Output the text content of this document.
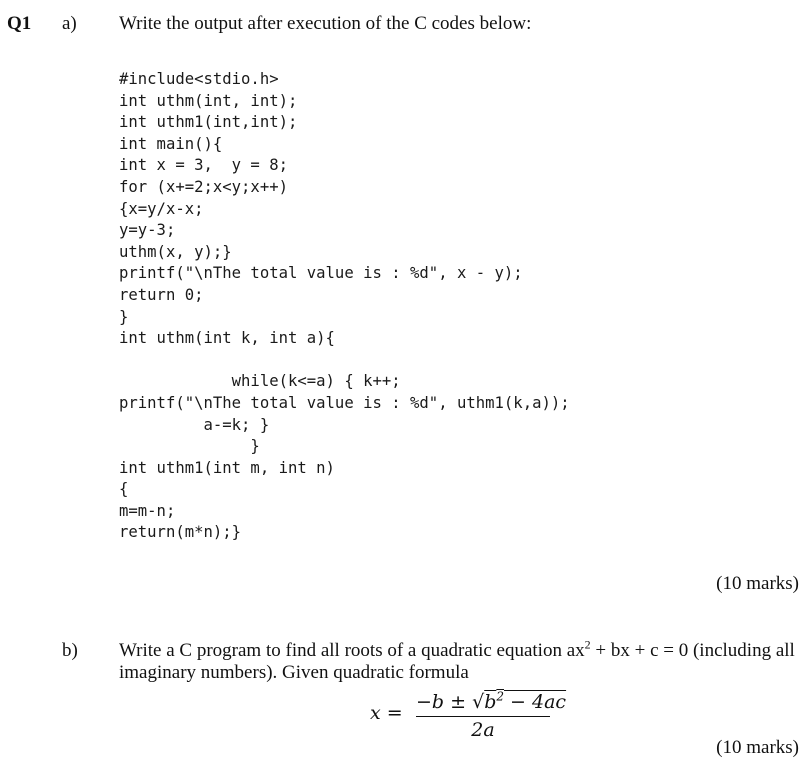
Q1 a) Write the output after execution of the C codes below:
#include<stdio.h>
int uthm(int, int);
int uthm1(int,int);
int main(){
int x = 3,  y = 8;
for (x+=2;x<y;x++)
{x=y/x-x;
y=y-3;
uthm(x, y);}
printf("\nThe total value is : %d", x - y);
return 0;
}
int uthm(int k, int a){
while(k<=a) { k++;
printf("\nThe total value is : %d", uthm1(k,a));
a-=k; }
}
int uthm1(int m, int n)
{
m=m-n;
return(m*n);}
(10 marks)
b) Write a C program to find all roots of a quadratic equation $ax^2$ + bx + c = 0 (including all imaginary numbers). Given quadratic formula
$x = -b \pm √b^2 - 4ac$
2a
(10 marks)
